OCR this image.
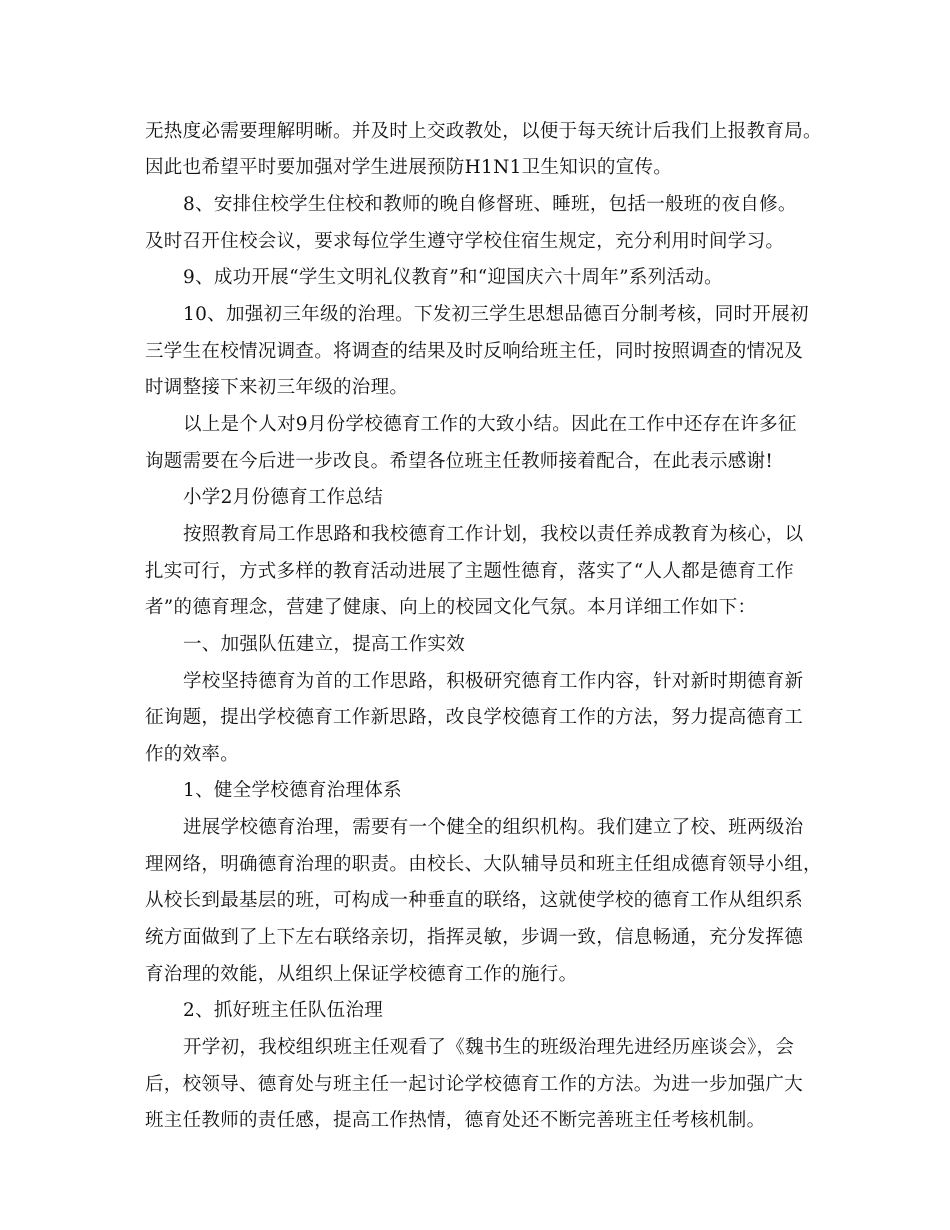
无热度必需要理解明晰。并及时上交政教处，以便于每天统计后我们上报教育局。
因此也希望平时要加强对学生进展预防H1N1卫生知识的宣传。
8、安排住校学生住校和教师的晚自修督班、睡班，包括一般班的夜自修。
及时召开住校会议，要求每位学生遵守学校住宿生规定，充分利用时间学习。
9、成功开展“学生文明礼仪教育”和“迎国庆六十周年”系列活动。
10、加强初三年级的治理。下发初三学生思想品德百分制考核，同时开展初
三学生在校情况调查。将调查的结果及时反响给班主任，同时按照调查的情况及
时调整接下来初三年级的治理。
以上是个人对9月份学校德育工作的大致小结。因此在工作中还存在许多征
询题需要在今后进一步改良。希望各位班主任教师接着配合，在此表示感谢!
小学2月份德育工作总结
按照教育局工作思路和我校德育工作计划，我校以责任养成教育为核心，以
扎实可行，方式多样的教育活动进展了主题性德育，落实了“人人都是德育工作
者”的德育理念，营建了健康、向上的校园文化气氛。本月详细工作如下：
一、加强队伍建立，提高工作实效
学校坚持德育为首的工作思路，积极研究德育工作内容，针对新时期德育新
征询题，提出学校德育工作新思路，改良学校德育工作的方法，努力提高德育工
作的效率。
1、健全学校德育治理体系
进展学校德育治理，需要有一个健全的组织机构。我们建立了校、班两级治
理网络，明确德育治理的职责。由校长、大队辅导员和班主任组成德育领导小组，
从校长到最基层的班，可构成一种垂直的联络，这就使学校的德育工作从组织系
统方面做到了上下左右联络亲切，指挥灵敏，步调一致，信息畅通，充分发挥德
育治理的效能，从组织上保证学校德育工作的施行。
2、抓好班主任队伍治理
开学初，我校组织班主任观看了《魏书生的班级治理先进经历座谈会》，会
后，校领导、德育处与班主任一起讨论学校德育工作的方法。为进一步加强广大
班主任教师的责任感，提高工作热情，德育处还不断完善班主任考核机制。
